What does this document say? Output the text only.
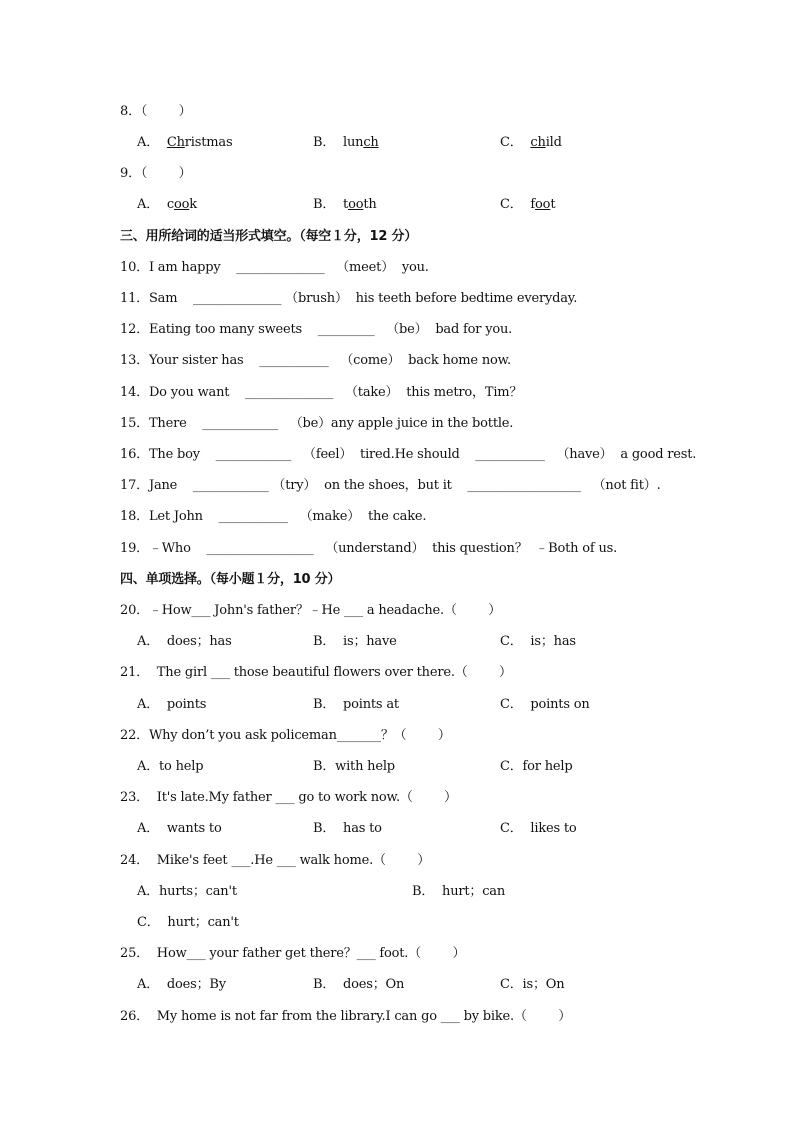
8．（        ）
A． Christmas	B． lunch	C． child
9．（        ）
A． cook	B． tooth	C． foot
三、用所给词的适当形式填空。（每空１分，12 分）
10．I am happy    ______________   （meet）  you.
11．Sam    ______________ （brush）  his teeth before bedtime everyday.
12．Eating too many sweets    _________   （be）  bad for you.
13．Your sister has    ___________   （come）  back home now.
14．Do you want    ______________   （take）  this metro，Tim？
15．There    ____________   （be）any apple juice in the bottle.
16．The boy    ____________   （feel）  tired.He should    ___________   （have）  a good rest.
17．Jane    ____________ （try）  on the shoes，but it    __________________   （not fit）.
18．Let John    ___________   （make）  the cake.
19．﹣Who    _________________   （understand）  this question？  ﹣Both of us.
四、单项选择。（每小题１分，10 分）
20．﹣How___ John's father？﹣He ___ a headache.（        ）
A．  does；has	B．  is；have	C．  is；has
21．  The girl ___ those beautiful flowers over there.（        ）
A．  points	B．  points at	C．  points on
22．Why don’t you ask policeman_______？（        ）
A．to help	B．with help	C．for help
23．  It's late.My father ___ go to work now.（        ）
A．  wants to	B．  has to	C．  likes to
24．  Mike's feet ___.He ___ walk home.（        ）
A．hurts；can't	B．  hurt；can
C．  hurt；can't
25．  How___ your father get there？___ foot.（        ）
A．  does；By	B．  does；On	C．is；On
26．  My home is not far from the library.I can go ___ by bike.（        ）
